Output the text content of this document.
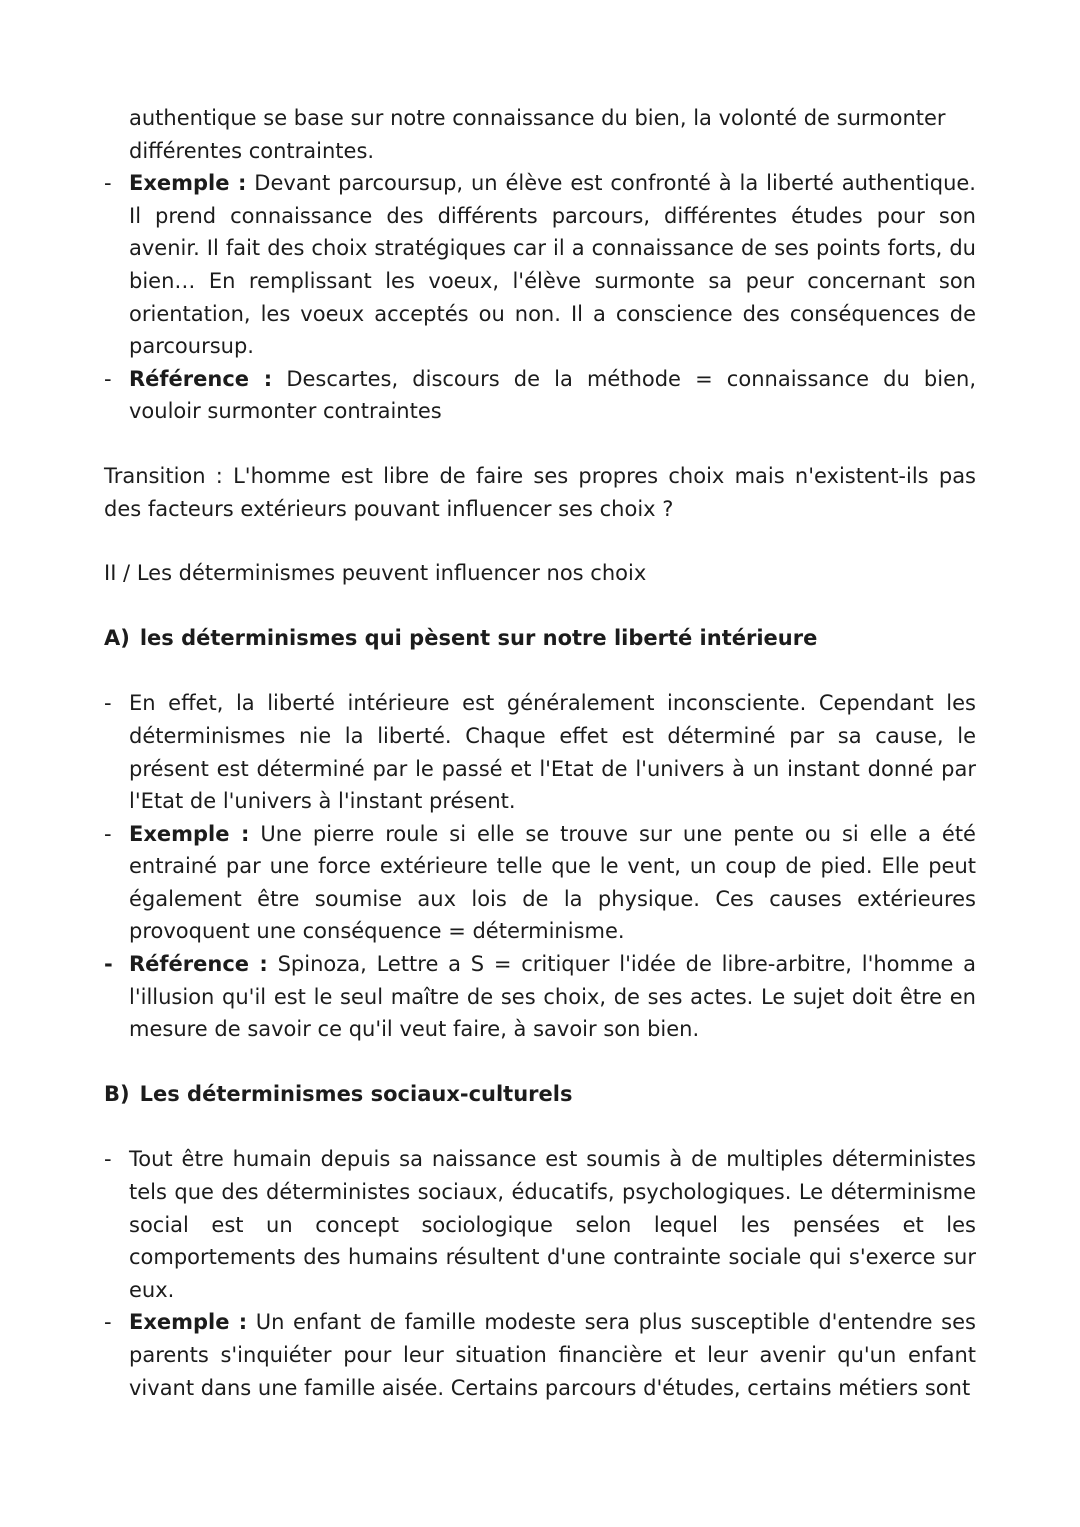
authentique se base sur notre connaissance du bien, la volonté de surmonter

différentes contraintes.

- Exemple : Devant parcoursup, un élève est confronté à la liberté authentique. Il prend connaissance des différents parcours, différentes études pour son avenir. Il fait des choix stratégiques car il a connaissance de ses points forts, du bien… En remplissant les voeux, l'élève surmonte sa peur concernant son orientation, les voeux acceptés ou non. Il a conscience des conséquences de parcoursup.
- Référence : Descartes, discours de la méthode = connaissance du bien, vouloir surmonter contraintes

Transition : L'homme est libre de faire ses propres choix mais n'existent-ils pas des facteurs extérieurs pouvant influencer ses choix ?

II / Les déterminismes peuvent influencer nos choix

A) les déterminismes qui pèsent sur notre liberté intérieure

- En effet, la liberté intérieure est généralement inconsciente. Cependant les déterminismes nie la liberté. Chaque effet est déterminé par sa cause, le présent est déterminé par le passé et l'Etat de l'univers à un instant donné par l'Etat de l'univers à l'instant présent.
- Exemple : Une pierre roule si elle se trouve sur une pente ou si elle a été entrainé par une force extérieure telle que le vent, un coup de pied. Elle peut également être soumise aux lois de la physique. Ces causes extérieures provoquent une conséquence = déterminisme.
- Référence : Spinoza, Lettre a S = critiquer l'idée de libre-arbitre, l'homme a l'illusion qu'il est le seul maître de ses choix, de ses actes. Le sujet doit être en mesure de savoir ce qu'il veut faire, à savoir son bien.

B) Les déterminismes sociaux-culturels

- Tout être humain depuis sa naissance est soumis à de multiples déterministes tels que des déterministes sociaux, éducatifs, psychologiques. Le déterminisme social est un concept sociologique selon lequel les pensées et les comportements des humains résultent d'une contrainte sociale qui s'exerce sur eux.
- Exemple : Un enfant de famille modeste sera plus susceptible d'entendre ses parents s'inquiéter pour leur situation financière et leur avenir qu'un enfant vivant dans une famille aisée. Certains parcours d'études, certains métiers sont
